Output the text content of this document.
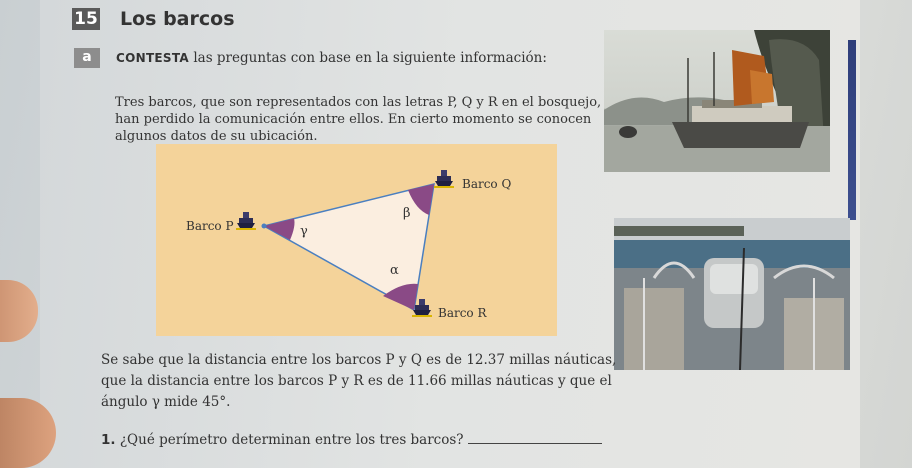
15 Los barcos
a	CONTESTA las preguntas con base en la siguiente información:
Tres barcos, que son representados con las letras P, Q y R en el bosquejo, han perdido la comunicación entre ellos. En cierto momento se conocen algunos datos de su ubicación.
Barco P
Barco Q
Barco R
γ
β
α
Se sabe que la distancia entre los barcos P y Q es de 12.37 millas náuticas, que la distancia entre los barcos P y R es de 11.66 millas náuticas y que el ángulo γ mide 45°.
1. ¿Qué perímetro determinan entre los tres barcos?
